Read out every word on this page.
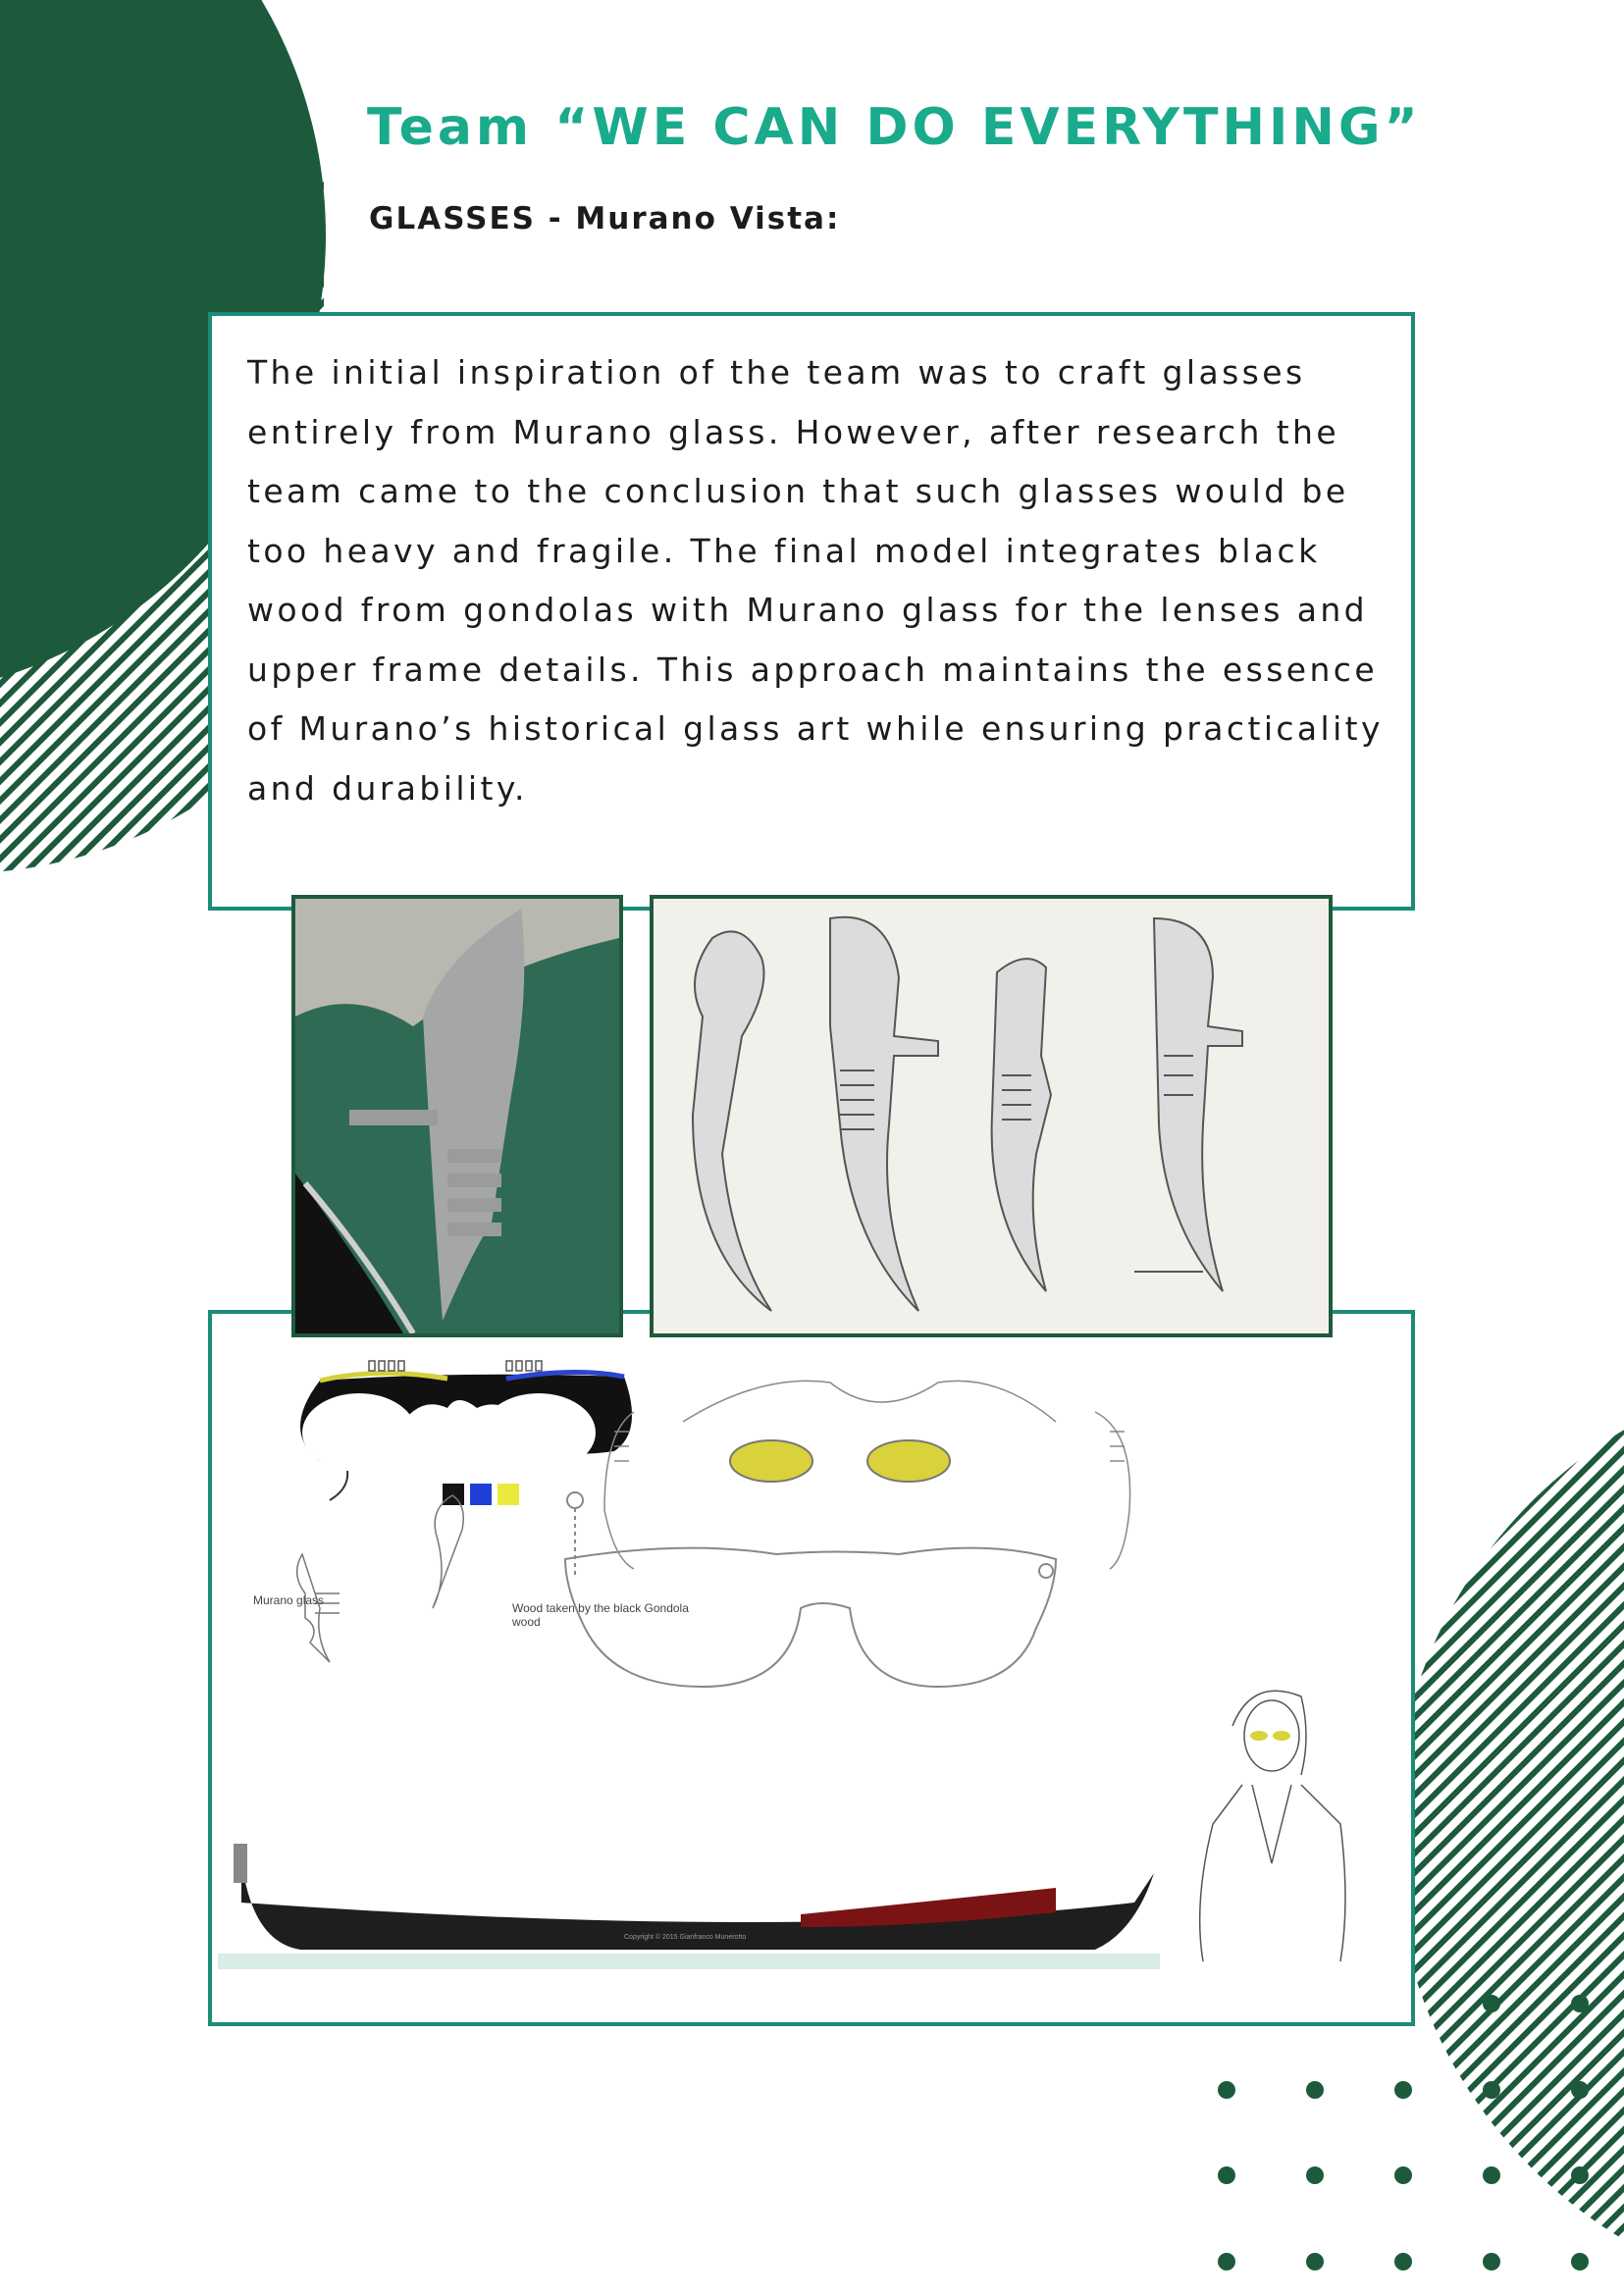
Team “WE CAN DO EVERYTHING”
GLASSES - Murano Vista:

The initial inspiration of the team was to craft glasses entirely from Murano glass. However, after research the team came to the conclusion that such glasses would be too heavy and fragile. The final model integrates black wood from gondolas with Murano glass for the lenses and upper frame details. This approach maintains the essence of Murano’s historical glass art while ensuring practicality and durability.

Murano glass
Wood taken by the black Gondola wood
Copyright © 2015 Gianfranco Munerotto
